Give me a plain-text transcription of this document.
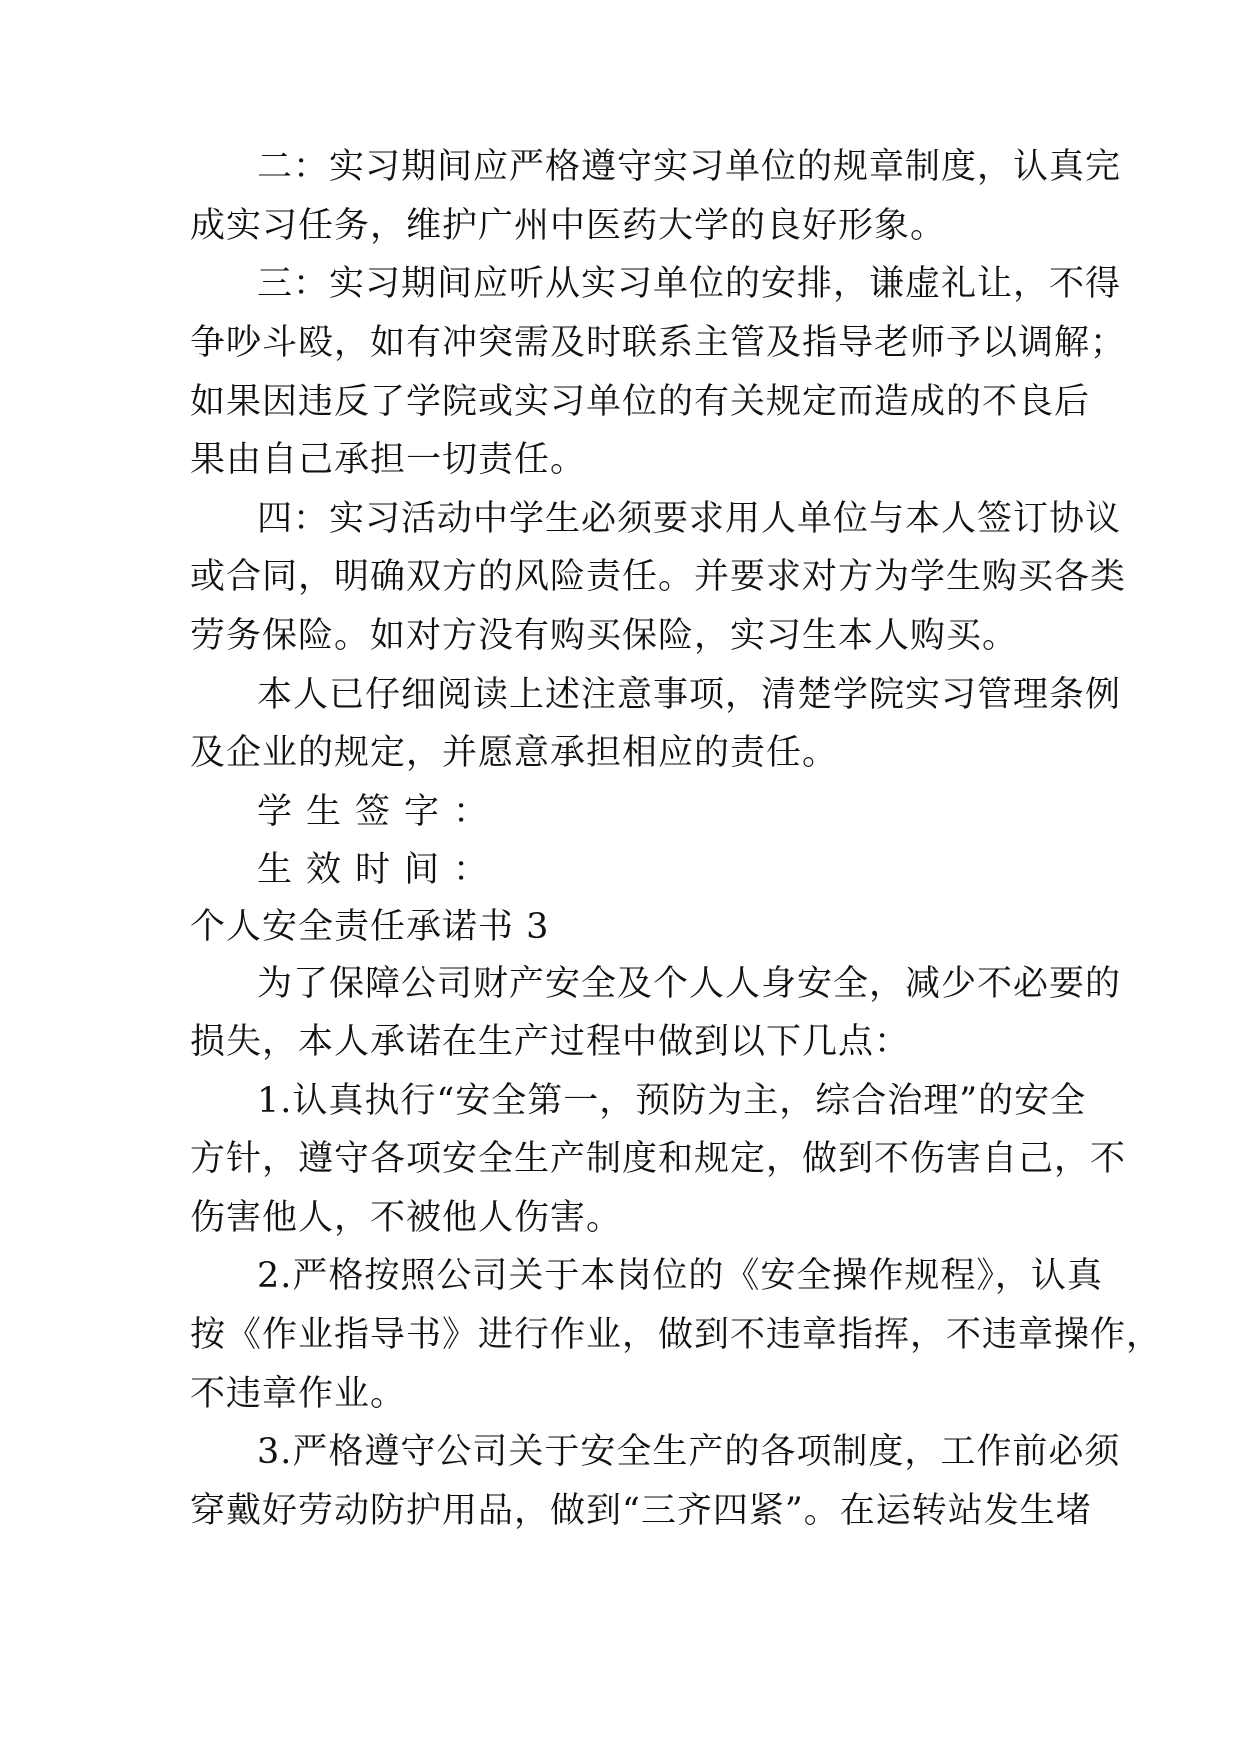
二：实习期间应严格遵守实习单位的规章制度，认真完
成实习任务，维护广州中医药大学的良好形象。
三：实习期间应听从实习单位的安排，谦虚礼让，不得
争吵斗殴，如有冲突需及时联系主管及指导老师予以调解；
如果因违反了学院或实习单位的有关规定而造成的不良后
果由自己承担一切责任。
四：实习活动中学生必须要求用人单位与本人签订协议
或合同，明确双方的风险责任。并要求对方为学生购买各类
劳务保险。如对方没有购买保险，实习生本人购买。
本人已仔细阅读上述注意事项，清楚学院实习管理条例
及企业的规定，并愿意承担相应的责任。
学生签字：
生效时间：
个人安全责任承诺书 3
为了保障公司财产安全及个人人身安全，减少不必要的
损失，本人承诺在生产过程中做到以下几点：
1.认真执行“安全第一，预防为主，综合治理”的安全
方针，遵守各项安全生产制度和规定，做到不伤害自己，不
伤害他人，不被他人伤害。
2.严格按照公司关于本岗位的《安全操作规程》，认真
按《作业指导书》进行作业，做到不违章指挥，不违章操作，
不违章作业。
3.严格遵守公司关于安全生产的各项制度，工作前必须
穿戴好劳动防护用品，做到“三齐四紧”。在运转站发生堵
